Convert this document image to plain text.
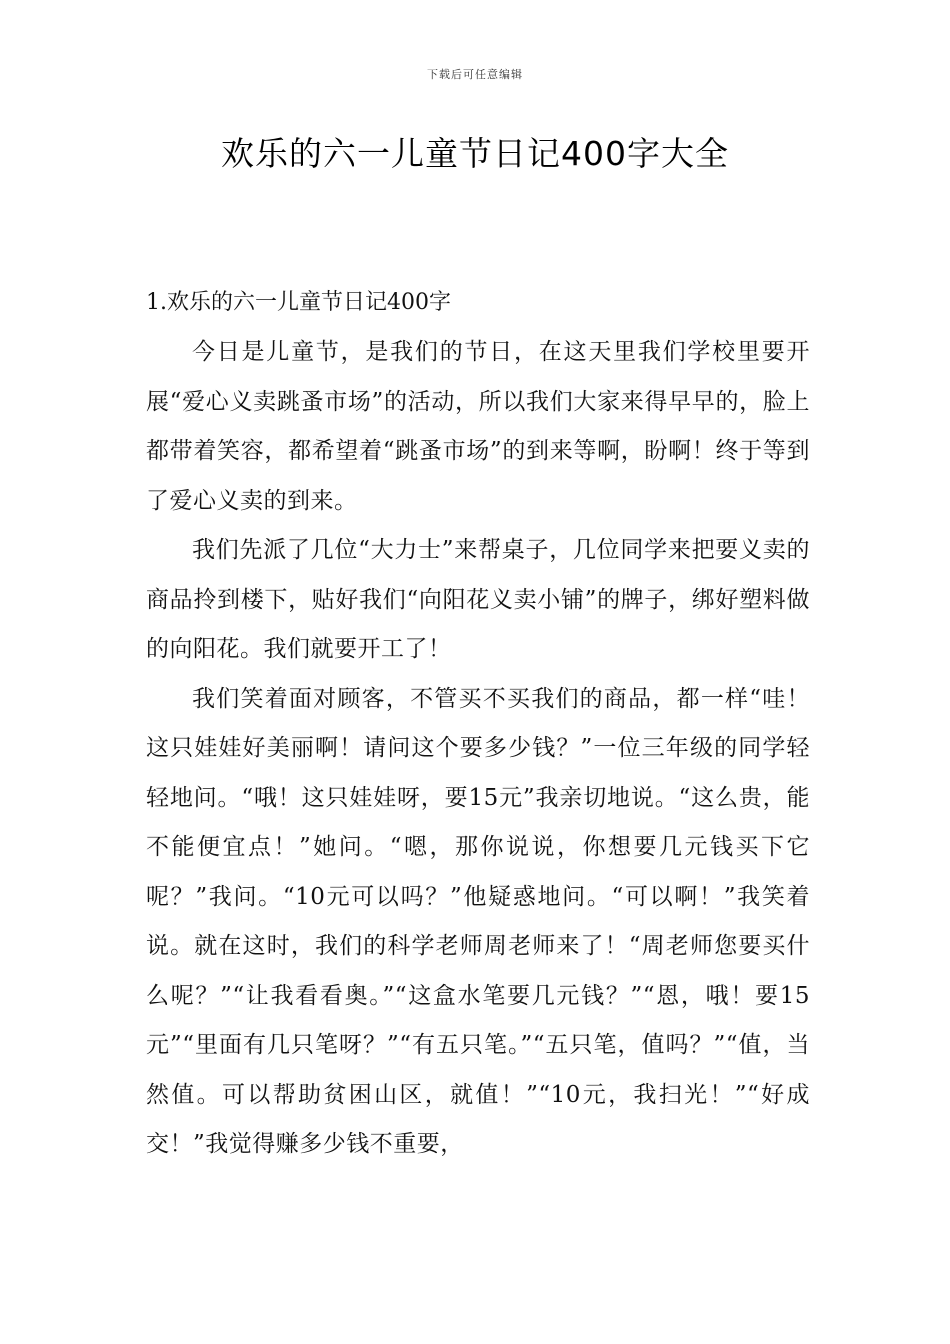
下载后可任意编辑
欢乐的六一儿童节日记400字大全

1.欢乐的六一儿童节日记400字

今日是儿童节，是我们的节日，在这天里我们学校里要开展“爱心义卖跳蚤市场”的活动，所以我们大家来得早早的，脸上都带着笑容，都希望着“跳蚤市场”的到来等啊，盼啊！终于等到了爱心义卖的到来。

我们先派了几位“大力士”来帮桌子，几位同学来把要义卖的商品拎到楼下，贴好我们“向阳花义卖小铺”的牌子，绑好塑料做的向阳花。我们就要开工了！

我们笑着面对顾客，不管买不买我们的商品，都一样“哇！这只娃娃好美丽啊！请问这个要多少钱？”一位三年级的同学轻轻地问。“哦！这只娃娃呀，要15元”我亲切地说。“这么贵，能不能便宜点！”她问。“嗯，那你说说，你想要几元钱买下它呢？”我问。“10元可以吗？”他疑惑地问。“可以啊！”我笑着说。就在这时，我们的科学老师周老师来了！“周老师您要买什么呢？”“让我看看奥。”“这盒水笔要几元钱？”“恩，哦！要15元”“里面有几只笔呀？”“有五只笔。”“五只笔，值吗？”“值，当然值。可以帮助贫困山区，就值！”“10元，我扫光！”“好成交！”我觉得赚多少钱不重要，
